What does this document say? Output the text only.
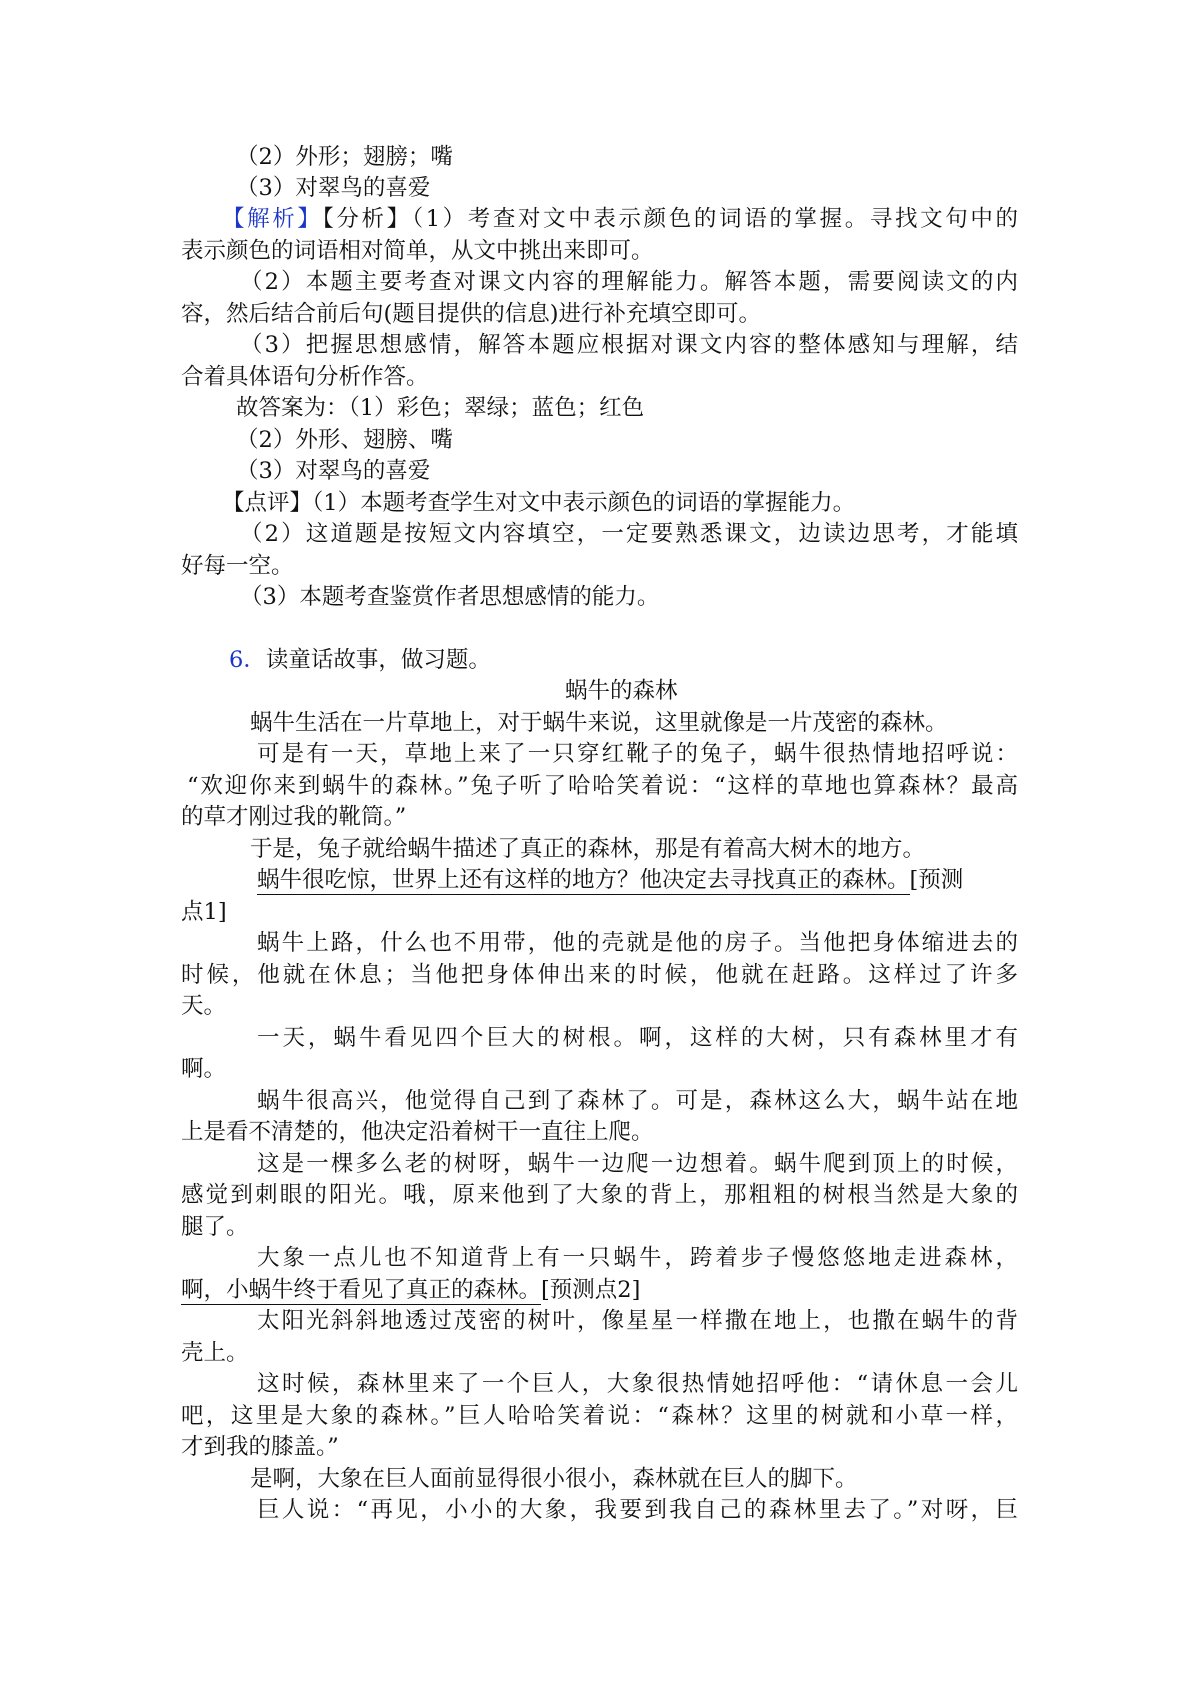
（2）外形；翅膀；嘴
（3）对翠鸟的喜爱
【解析】【分析】（1）考查对文中表示颜色的词语的掌握。寻找文句中的
表示颜色的词语相对简单，从文中挑出来即可。
（2）本题主要考查对课文内容的理解能力。解答本题，需要阅读文的内
容，然后结合前后句(题目提供的信息)进行补充填空即可。
（3）把握思想感情，解答本题应根据对课文内容的整体感知与理解，结
合着具体语句分析作答。
故答案为：（1）彩色；翠绿；蓝色；红色
（2）外形、翅膀、嘴
（3）对翠鸟的喜爱
【点评】（1）本题考查学生对文中表示颜色的词语的掌握能力。
（2）这道题是按短文内容填空，一定要熟悉课文，边读边思考，才能填
好每一空。
（3）本题考查鉴赏作者思想感情的能力。
6．读童话故事，做习题。
蜗牛的森林
蜗牛生活在一片草地上，对于蜗牛来说，这里就像是一片茂密的森林。
可是有一天，草地上来了一只穿红靴子的兔子，蜗牛很热情地招呼说：
“欢迎你来到蜗牛的森林。”兔子听了哈哈笑着说：“这样的草地也算森林？最高
的草才刚过我的靴筒。”
于是，兔子就给蜗牛描述了真正的森林，那是有着高大树木的地方。
蜗牛很吃惊，世界上还有这样的地方？他决定去寻找真正的森林。[预测
点1]
蜗牛上路，什么也不用带，他的壳就是他的房子。当他把身体缩进去的
时候，他就在休息；当他把身体伸出来的时候，他就在赶路。这样过了许多
天。
一天，蜗牛看见四个巨大的树根。啊，这样的大树，只有森林里才有
啊。
蜗牛很高兴，他觉得自己到了森林了。可是，森林这么大，蜗牛站在地
上是看不清楚的，他决定沿着树干一直往上爬。
这是一棵多么老的树呀，蜗牛一边爬一边想着。蜗牛爬到顶上的时候，
感觉到刺眼的阳光。哦，原来他到了大象的背上，那粗粗的树根当然是大象的
腿了。
大象一点儿也不知道背上有一只蜗牛，跨着步子慢悠悠地走进森林，
啊，小蜗牛终于看见了真正的森林。[预测点2]
太阳光斜斜地透过茂密的树叶，像星星一样撒在地上，也撒在蜗牛的背
壳上。
这时候，森林里来了一个巨人，大象很热情她招呼他：“请休息一会儿
吧，这里是大象的森林。”巨人哈哈笑着说：“森林？这里的树就和小草一样，
才到我的膝盖。”
是啊，大象在巨人面前显得很小很小，森林就在巨人的脚下。
巨人说：“再见，小小的大象，我要到我自己的森林里去了。”对呀，巨
